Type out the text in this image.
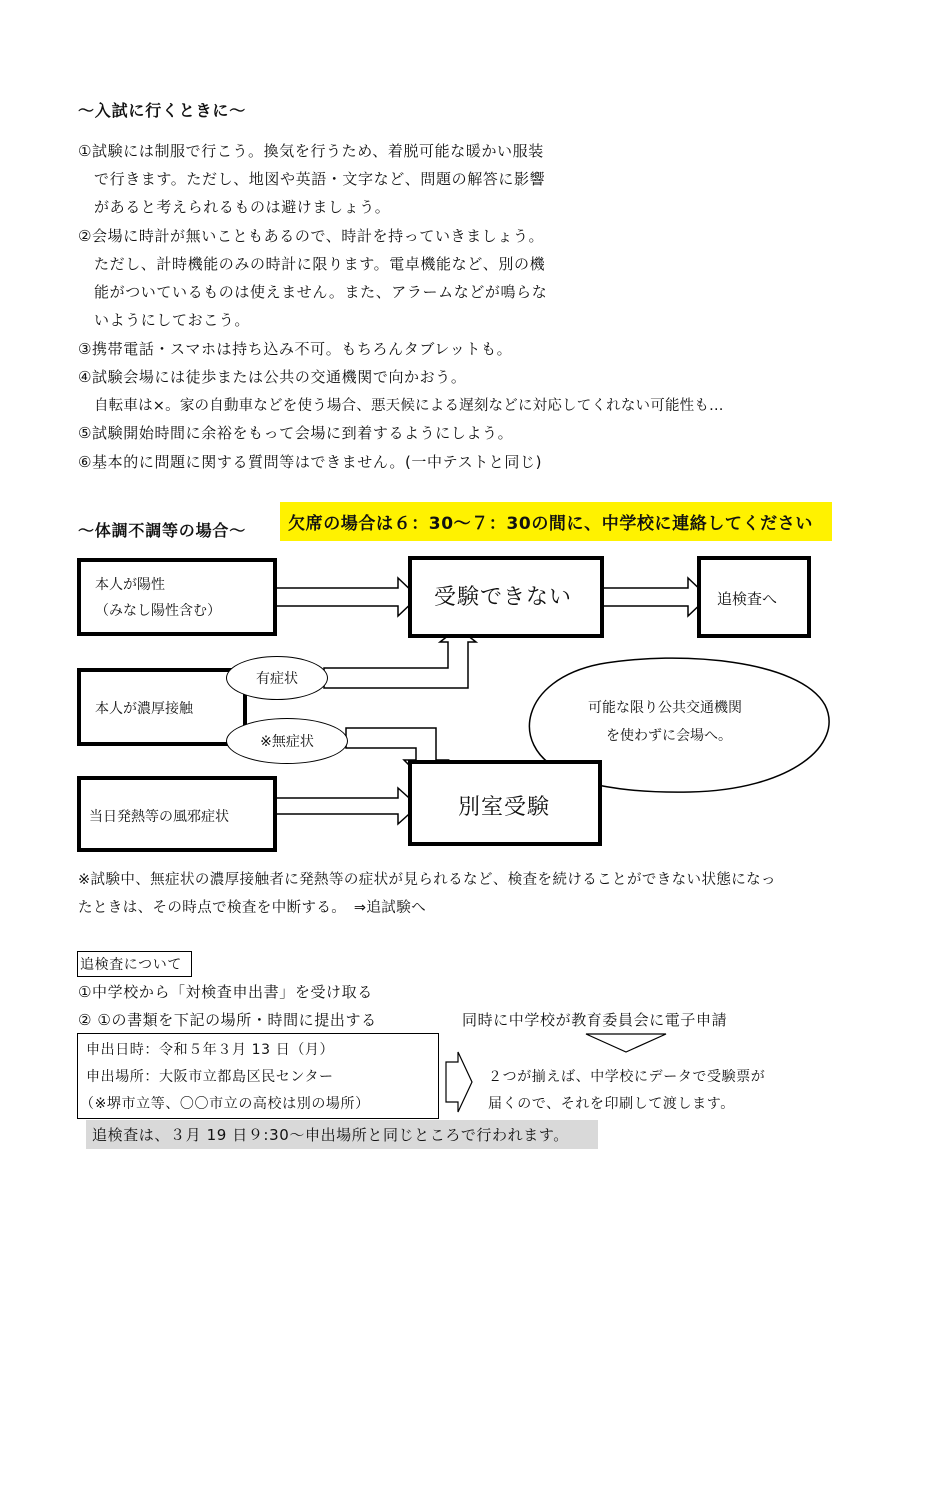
～入試に行くときに～
①試験には制服で行こう。換気を行うため、着脱可能な暖かい服装
で行きます。ただし、地図や英語・文字など、問題の解答に影響
があると考えられるものは避けましょう。
②会場に時計が無いこともあるので、時計を持っていきましょう。
ただし、計時機能のみの時計に限ります。電卓機能など、別の機
能がついているものは使えません。また、アラームなどが鳴らな
いようにしておこう。
③携帯電話・スマホは持ち込み不可。もちろんタブレットも。
④試験会場には徒歩または公共の交通機関で向かおう。
自転車は×。家の自動車などを使う場合、悪天候による遅刻などに対応してくれない可能性も…
⑤試験開始時間に余裕をもって会場に到着するようにしよう。
⑥基本的に問題に関する質問等はできません。(一中テストと同じ)
～体調不調等の場合～	欠席の場合は６：30～７：30の間に、中学校に連絡してください
本人が陽性
（みなし陽性含む）
受験できない	追検査へ
本人が濃厚接触
有症状
※無症状
当日発熱等の風邪症状	別室受験
可能な限り公共交通機関
を使わずに会場へ。
※試験中、無症状の濃厚接触者に発熱等の症状が見られるなど、検査を続けることができない状態になっ
たときは、その時点で検査を中断する。　⇒追試験へ
追検査について
①中学校から「対検査申出書」を受け取る
② ①の書類を下記の場所・時間に提出する	同時に中学校が教育委員会に電子申請
申出日時：令和５年３月 13 日（月）
申出場所：大阪市立都島区民センター
（※堺市立等、〇〇市立の高校は別の場所）
２つが揃えば、中学校にデータで受験票が
届くので、それを印刷して渡します。
追検査は、３月 19 日９:30～申出場所と同じところで行われます。
